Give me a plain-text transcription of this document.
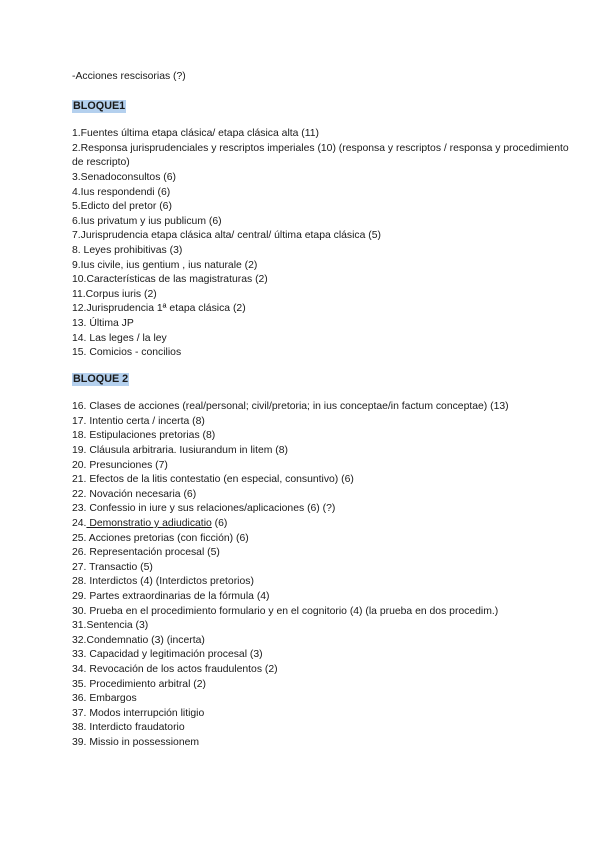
-Acciones rescisorias (?)
BLOQUE1
1.Fuentes última etapa clásica/ etapa clásica alta (11)
2.Responsa jurisprudenciales y rescriptos imperiales (10) (responsa y rescriptos / responsa y procedimiento de rescripto)
3.Senadoconsultos (6)
4.Ius respondendi (6)
5.Edicto del pretor (6)
6.Ius privatum y ius publicum (6)
7.Jurisprudencia etapa clásica alta/ central/ última etapa clásica (5)
8. Leyes prohibitivas (3)
9.Ius civile, ius gentium , ius naturale (2)
10.Características de las magistraturas (2)
11.Corpus iuris (2)
12.Jurisprudencia 1ª etapa clásica (2)
13. Última JP
14. Las leges / la ley
15. Comicios - concilios
BLOQUE 2
16. Clases de acciones (real/personal; civil/pretoria; in ius conceptae/in factum conceptae) (13)
17. Intentio certa / incerta (8)
18. Estipulaciones pretorias (8)
19. Cláusula arbitraria. Iusiurandum in litem (8)
20. Presunciones (7)
21. Efectos de la litis contestatio (en especial, consuntivo) (6)
22. Novación necesaria (6)
23. Confessio in iure y sus relaciones/aplicaciones (6) (?)
24. Demonstratio y adiudicatio (6)
25. Acciones pretorias (con ficción) (6)
26. Representación procesal (5)
27. Transactio (5)
28. Interdictos (4) (Interdictos pretorios)
29. Partes extraordinarias de la fórmula (4)
30. Prueba en el procedimiento formulario y en el cognitorio (4) (la prueba en dos procedim.)
31.Sentencia (3)
32.Condemnatio (3) (incerta)
33. Capacidad y legitimación procesal (3)
34. Revocación de los actos fraudulentos (2)
35. Procedimiento arbitral (2)
36. Embargos
37. Modos interrupción litigio
38. Interdicto fraudatorio
39. Missio in possessionem
